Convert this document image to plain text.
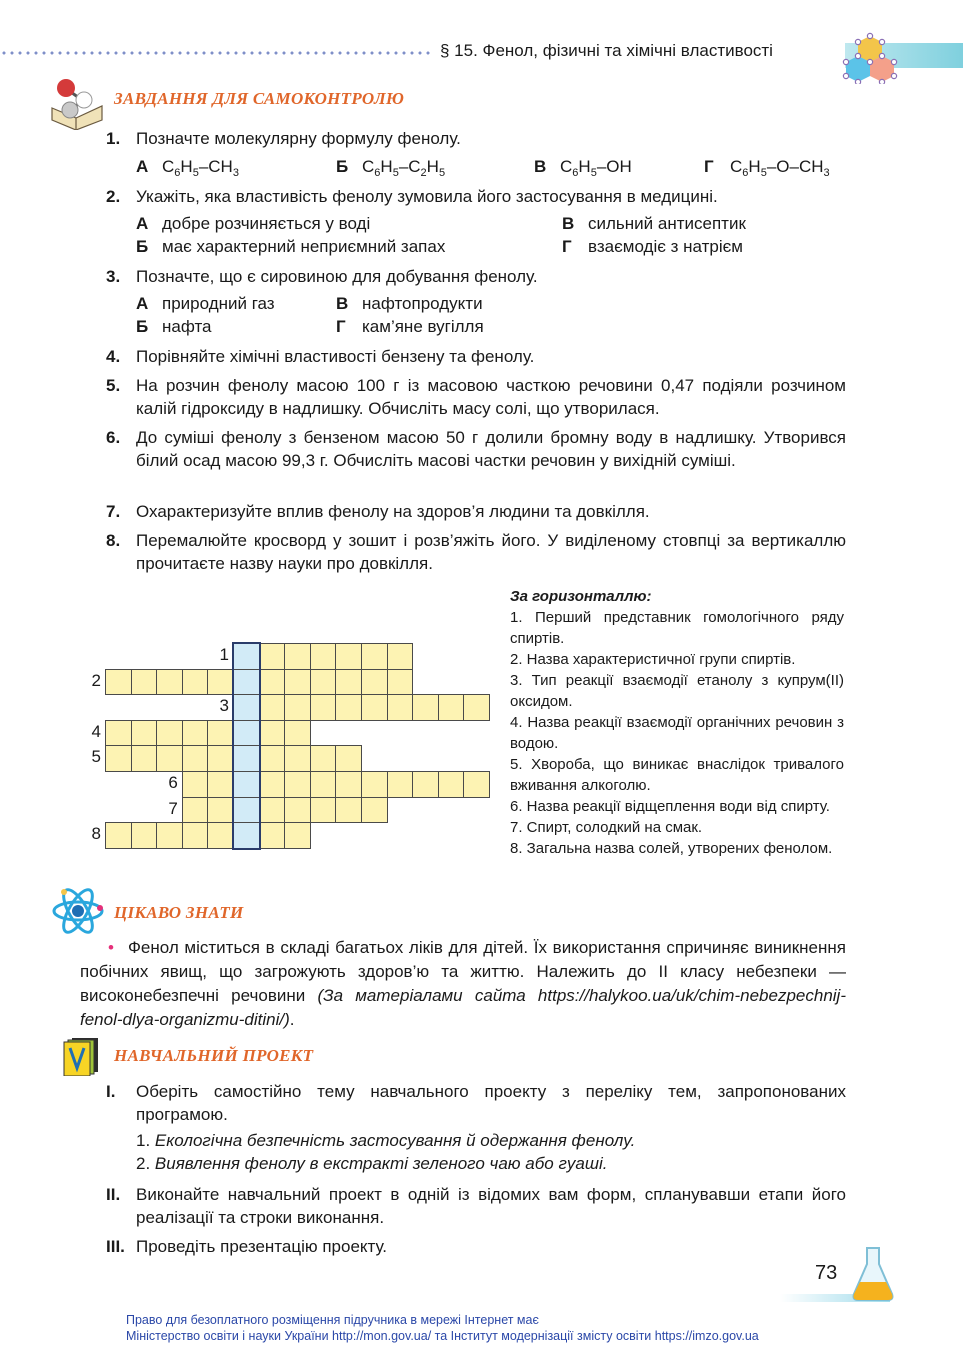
§ 15. Фенол, фізичні та хімічні властивості
ЗАВДАННЯ ДЛЯ САМОКОНТРОЛЮ
1. Позначте молекулярну формулу фенолу.
А $C_6H_5-CH_3$	Б $C_6H_5-C_2H_5$	В $C_6H_5-OH$	Г $C_6H_5-O-CH_3$
2. Укажіть, яка властивість фенолу зумовила його застосування в медицині.
А добре розчиняється у воді
Б має характерний неприємний запах
В сильний антисептик
Г взаємодіє з натрієм
3. Позначте, що є сировиною для добування фенолу.
А природний газ
Б нафта
В нафтопродукти
Г кам’яне вугілля
4. Порівняйте хімічні властивості бензену та фенолу.
5. На розчин фенолу масою 100 г із масовою часткою речовини 0,47 подіяли розчином калій гідроксиду в надлишку. Обчисліть масу солі, що утворилася.
6. До суміші фенолу з бензеном масою 50 г долили бромну воду в надлишку. Утворився білий осад масою 99,3 г. Обчисліть масові частки речовин у вихідній суміші.
7. Охарактеризуйте вплив фенолу на здоров’я людини та довкілля.
8. Перемалюйте кросворд у зошит і розв’яжіть його. У виділеному стовпці за вертикаллю прочитаєте назву науки про довкілля.
1
2
3
4
5
6
7
8

За горизонталлю:

1. Перший представник гомологічного ряду спиртів.

2. Назва характеристичної групи спиртів.

3. Тип реакції взаємодії етанолу з купрум(II) оксидом.

4. Назва реакції взаємодії органічних речовин з водою.

5. Хвороба, що виникає внаслідок тривалого вживання алкоголю.

6. Назва реакції відщеплення води від спирту.

7. Спирт, солодкий на смак.

8. Загальна назва солей, утворених фенолом.

ЦІКАВО ЗНАТИ
• Фенол міститься в складі багатьох ліків для дітей. Їх використання спричиняє виникнення побічних явищ, що загрожують здоров’ю та життю. Належить до II класу небезпеки — високонебезпечні речовини (За матеріалами сайта https://halykoo.ua/uk/chim-nebezpechnij-fenol-dlya-organizmu-ditini/).
НАВЧАЛЬНИЙ ПРОЕКТ
I.	Оберіть самостійно тему навчального проекту з переліку тем, запропонованих програмою.
1. Екологічна безпечність застосування й одержання фенолу.
2. Виявлення фенолу в екстракті зеленого чаю або гуаші.
II. Виконайте навчальний проект в одній із відомих вам форм, спланувавши етапи його реалізації та строки виконання.
III. Проведіть презентацію проекту.
73
Право для безоплатного розміщення підручника в мережі Інтернет має
Міністерство освіти і науки України http://mon.gov.ua/ та Інститут модернізації змісту освіти https://imzo.gov.ua
